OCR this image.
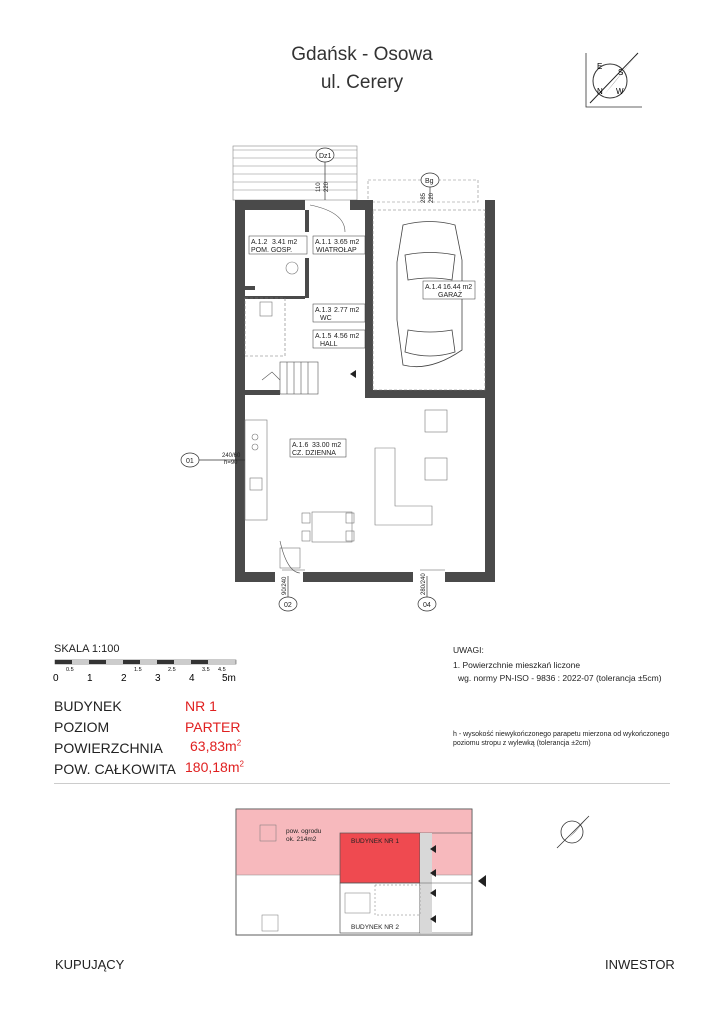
Gdańsk - Osowa
ul. Cerery
E
S
W
N
A.1.2 3.41 m2
POM. GOSP.
A.1.1 3.65 m2
WIATROŁAP
A.1.4 16.44 m2
GARAŻ
A.1.3 2.77 m2
WC
A.1.5 4.56 m2
HALL
A.1.6 33.00 m2
CZ. DZIENNA
Dz1
Bg
01
02	04
240/60
h=90
110 220
285 220
90/240	280/240
SKALA 1:100
0.5	1.5	2.5	3.5 4.5
0	1	2	3	4	5m
UWAGI:
1. Powierzchnie mieszkań liczone
wg. normy PN-ISO - 9836 : 2022-07 (tolerancja ±5cm)
h - wysokość niewykończonego parapetu mierzona od wykończonego
poziomu stropu z wylewką (tolerancja ±2cm)
BUDYNEK	NR 1
POZIOM	PARTER
POWIERZCHNIA $63,83m^2$
POW. CAŁKOWITA $180,18m^2$
pow. ogrodu
ok. 214m2	BUDYNEK NR 1
BUDYNEK NR 2
KUPUJĄCY	INWESTOR
